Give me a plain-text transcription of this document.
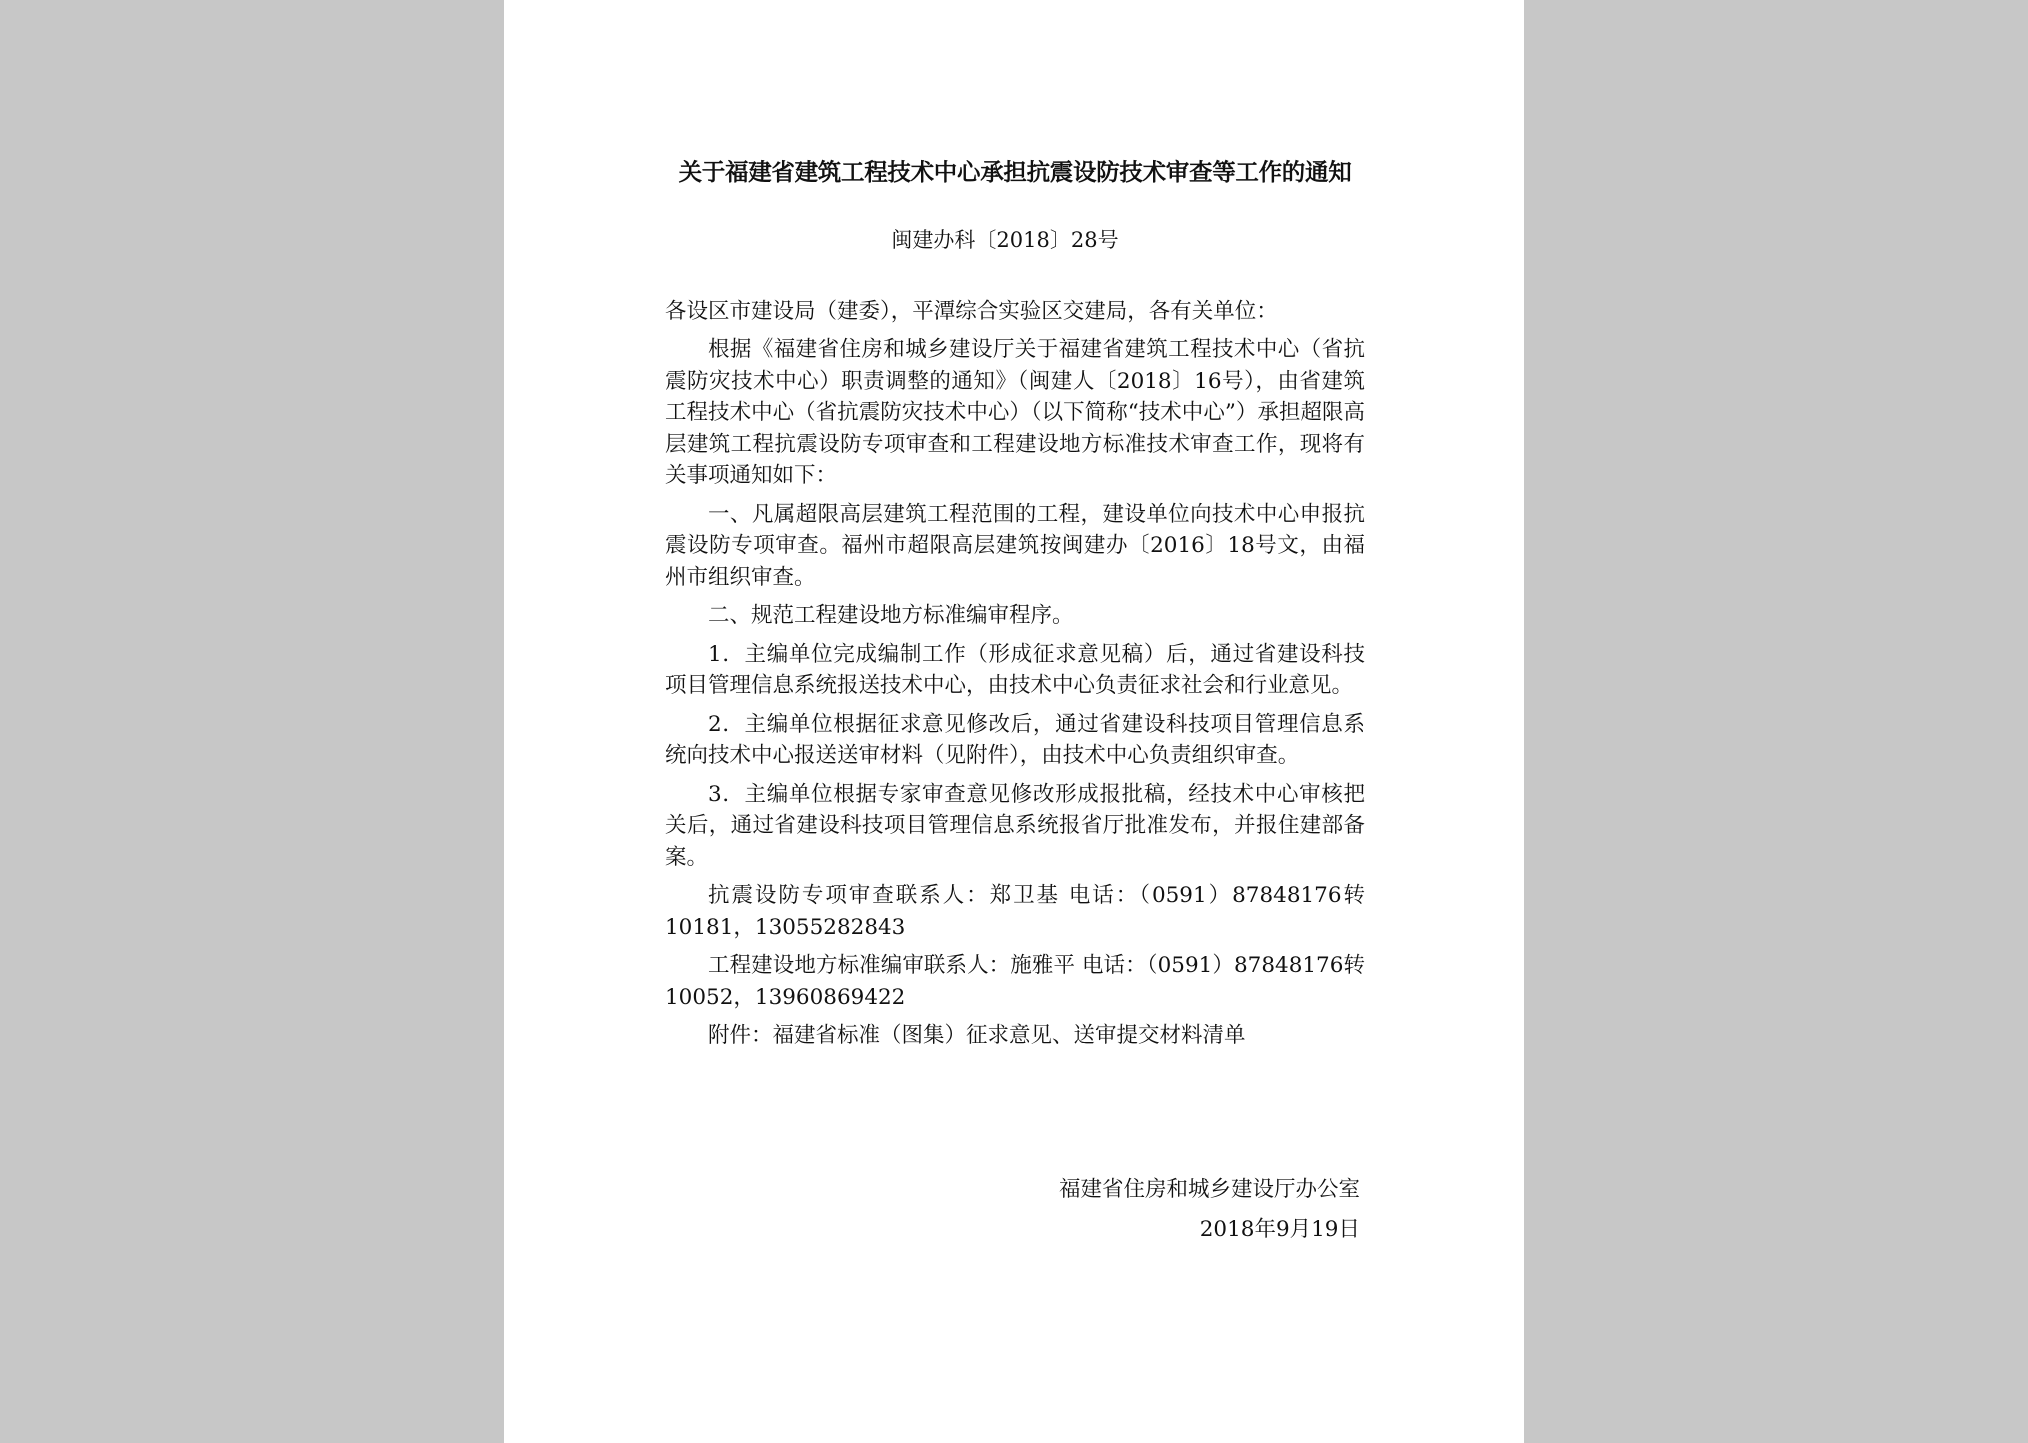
关于福建省建筑工程技术中心承担抗震设防技术审查等工作的通知
闽建办科〔2018〕28号
各设区市建设局（建委），平潭综合实验区交建局，各有关单位：

根据《福建省住房和城乡建设厅关于福建省建筑工程技术中心（省抗震防灾技术中心）职责调整的通知》（闽建人〔2018〕16号），由省建筑工程技术中心（省抗震防灾技术中心）（以下简称“技术中心”）承担超限高层建筑工程抗震设防专项审查和工程建设地方标准技术审查工作，现将有关事项通知如下：

一、凡属超限高层建筑工程范围的工程，建设单位向技术中心申报抗震设防专项审查。福州市超限高层建筑按闽建办〔2016〕18号文，由福州市组织审查。

二、规范工程建设地方标准编审程序。

1．主编单位完成编制工作（形成征求意见稿）后，通过省建设科技项目管理信息系统报送技术中心，由技术中心负责征求社会和行业意见。

2．主编单位根据征求意见修改后，通过省建设科技项目管理信息系统向技术中心报送送审材料（见附件），由技术中心负责组织审查。

3．主编单位根据专家审查意见修改形成报批稿，经技术中心审核把关后，通过省建设科技项目管理信息系统报省厅批准发布，并报住建部备案。

抗震设防专项审查联系人：郑卫基 电话：（0591）87848176转10181，13055282843

工程建设地方标准编审联系人：施雅平 电话：（0591）87848176转10052，13960869422

附件：福建省标准（图集）征求意见、送审提交材料清单

福建省住房和城乡建设厅办公室
2018年9月19日
